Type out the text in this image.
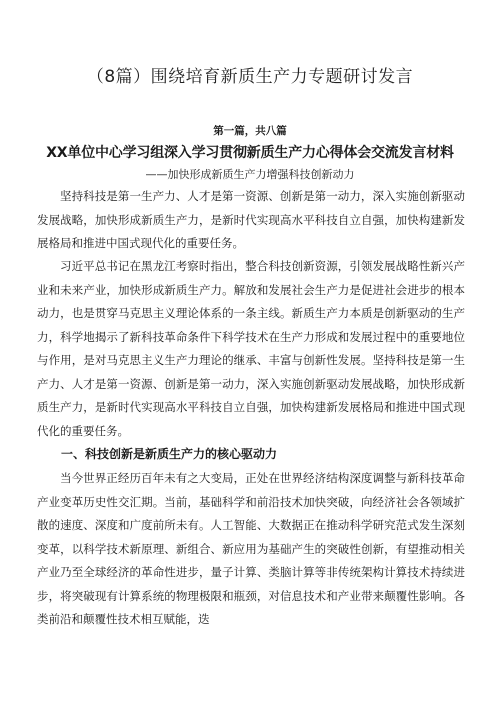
（8篇）围绕培育新质生产力专题研讨发言
第一篇，共八篇
XX单位中心学习组深入学习贯彻新质生产力心得体会交流发言材料
——加快形成新质生产力增强科技创新动力

坚持科技是第一生产力、人才是第一资源、创新是第一动力，深入实施创新驱动发展战略，加快形成新质生产力，是新时代实现高水平科技自立自强，加快构建新发展格局和推进中国式现代化的重要任务。

习近平总书记在黑龙江考察时指出，整合科技创新资源，引领发展战略性新兴产业和未来产业，加快形成新质生产力。解放和发展社会生产力是促进社会进步的根本动力，也是贯穿马克思主义理论体系的一条主线。新质生产力本质是创新驱动的生产力，科学地揭示了新科技革命条件下科学技术在生产力形成和发展过程中的重要地位与作用，是对马克思主义生产力理论的继承、丰富与创新性发展。坚持科技是第一生产力、人才是第一资源、创新是第一动力，深入实施创新驱动发展战略，加快形成新质生产力，是新时代实现高水平科技自立自强，加快构建新发展格局和推进中国式现代化的重要任务。

一、科技创新是新质生产力的核心驱动力

当今世界正经历百年未有之大变局，正处在世界经济结构深度调整与新科技革命产业变革历史性交汇期。当前，基础科学和前沿技术加快突破，向经济社会各领域扩散的速度、深度和广度前所未有。人工智能、大数据正在推动科学研究范式发生深刻变革，以科学技术新原理、新组合、新应用为基础产生的突破性创新，有望推动相关产业乃至全球经济的革命性进步，量子计算、类脑计算等非传统架构计算技术持续进步，将突破现有计算系统的物理极限和瓶颈，对信息技术和产业带来颠覆性影响。各类前沿和颠覆性技术相互赋能，迭
